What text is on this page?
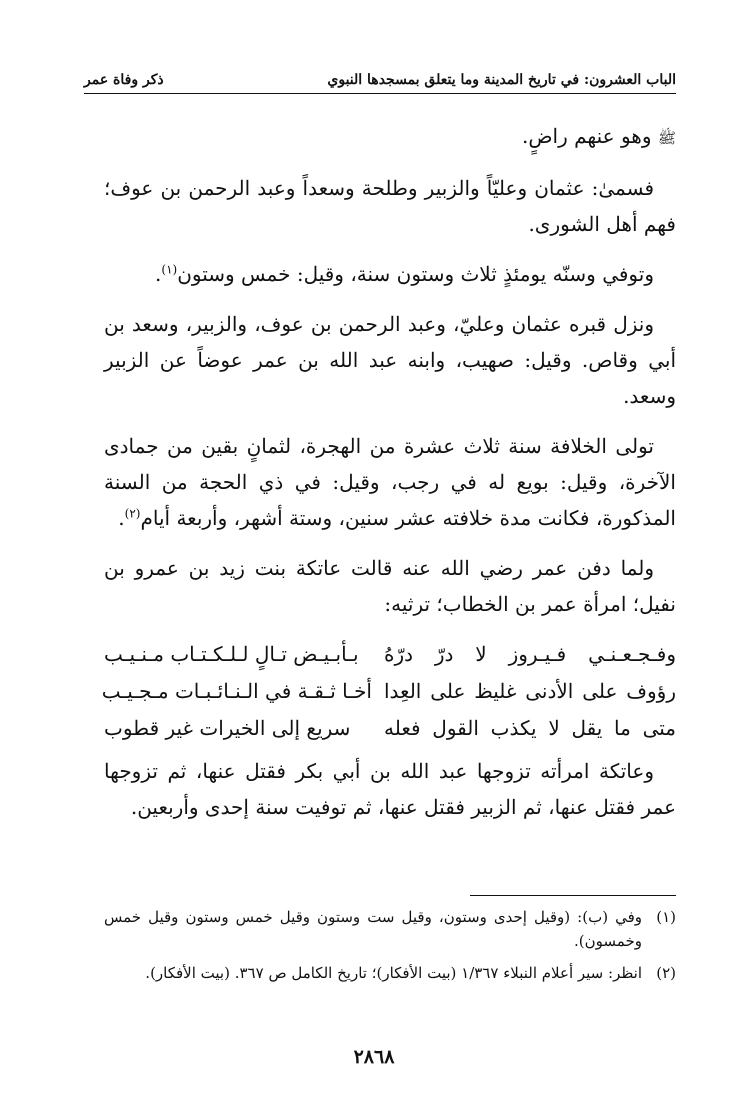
الباب العشرون: في تاريخ المدينة وما يتعلق بمسجدها النبوي
ذكر وفاة عمر

ﷺ وهو عنهم راضٍ.

فسمىٰ: عثمان وعليّاً والزبير وطلحة وسعداً وعبد الرحمن بن عوف؛ فهم أهل الشورى.

وتوفي وسنّه يومئذٍ ثلاث وستون سنة، وقيل: خمس وستون$^{(١)}$.

ونزل قبره عثمان وعليّ، وعبد الرحمن بن عوف، والزبير، وسعد بن أبي وقاص. وقيل: صهيب، وابنه عبد الله بن عمر عوضاً عن الزبير وسعد.

تولى الخلافة سنة ثلاث عشرة من الهجرة، لثمانٍ بقين من جمادى الآخرة، وقيل: بويع له في رجب، وقيل: في ذي الحجة من السنة المذكورة، فكانت مدة خلافته عشر سنين، وستة أشهر، وأربعة أيام$^{(٢)}$.

ولما دفن عمر رضي الله عنه قالت عاتكة بنت زيد بن عمرو بن نفيل؛ امرأة عمر بن الخطاب؛ ترثيه:

وفـجـعـنـي فـيـروز لا درّ درّهُ
بـأبـيـض تـالٍ لـلـكـتـاب مـنـيـب
رؤوف على الأدنى غليظ على العِدا
أخـا ثـقـة في الـنـائـبـات مـجـيـب
متى ما يقل لا يكذب القول فعله
سريع إلى الخيرات غير قطوب

وعاتكة امرأته تزوجها عبد الله بن أبي بكر فقتل عنها، ثم تزوجها عمر فقتل عنها، ثم الزبير فقتل عنها، ثم توفيت سنة إحدى وأربعين.

(١)
وفي (ب): (وقيل إحدى وستون، وقيل ست وستون وقيل خمس وستون وقيل خمس وخمسون).
(٢)
انظر: سير أعلام النبلاء ١/٣٦٧ (بيت الأفكار)؛ تاريخ الكامل ص ٣٦٧. (بيت الأفكار).
٢٨٦٨
